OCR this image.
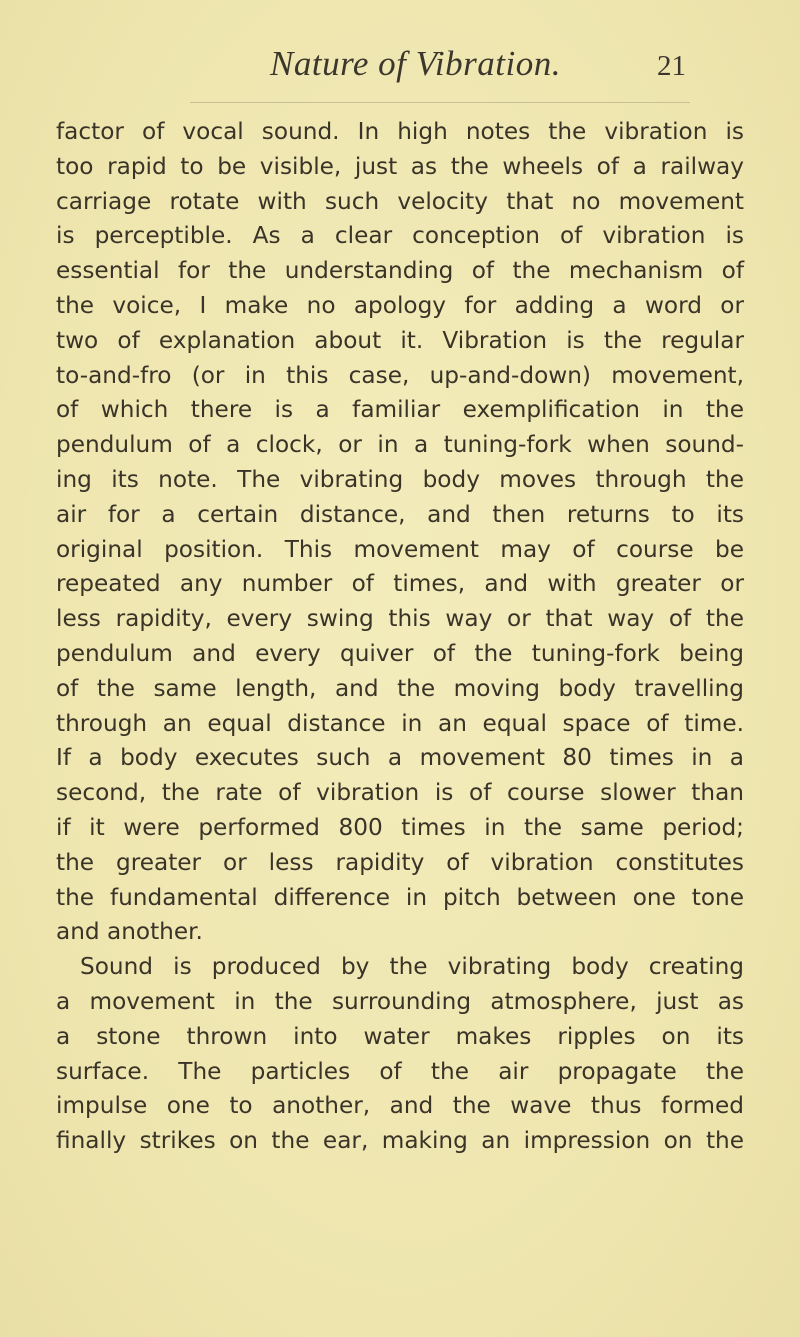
Nature of Vibration.	21
factor of vocal sound. In high notes the vibration is
too rapid to be visible, just as the wheels of a railway
carriage rotate with such velocity that no movement
is perceptible. As a clear conception of vibration is
essential for the understanding of the mechanism of
the voice, I make no apology for adding a word or
two of explanation about it. Vibration is the regular
to-and-fro (or in this case, up-and-down) movement,
of which there is a familiar exemplification in the
pendulum of a clock, or in a tuning-fork when sound-
ing its note. The vibrating body moves through the
air for a certain distance, and then returns to its
original position. This movement may of course be
repeated any number of times, and with greater or
less rapidity, every swing this way or that way of the
pendulum and every quiver of the tuning-fork being
of the same length, and the moving body travelling
through an equal distance in an equal space of time.
If a body executes such a movement 80 times in a
second, the rate of vibration is of course slower than
if it were performed 800 times in the same period;
the greater or less rapidity of vibration constitutes
the fundamental difference in pitch between one tone
and another.
Sound is produced by the vibrating body creating
a movement in the surrounding atmosphere, just as
a stone thrown into water makes ripples on its
surface. The particles of the air propagate the
impulse one to another, and the wave thus formed
finally strikes on the ear, making an impression on the
